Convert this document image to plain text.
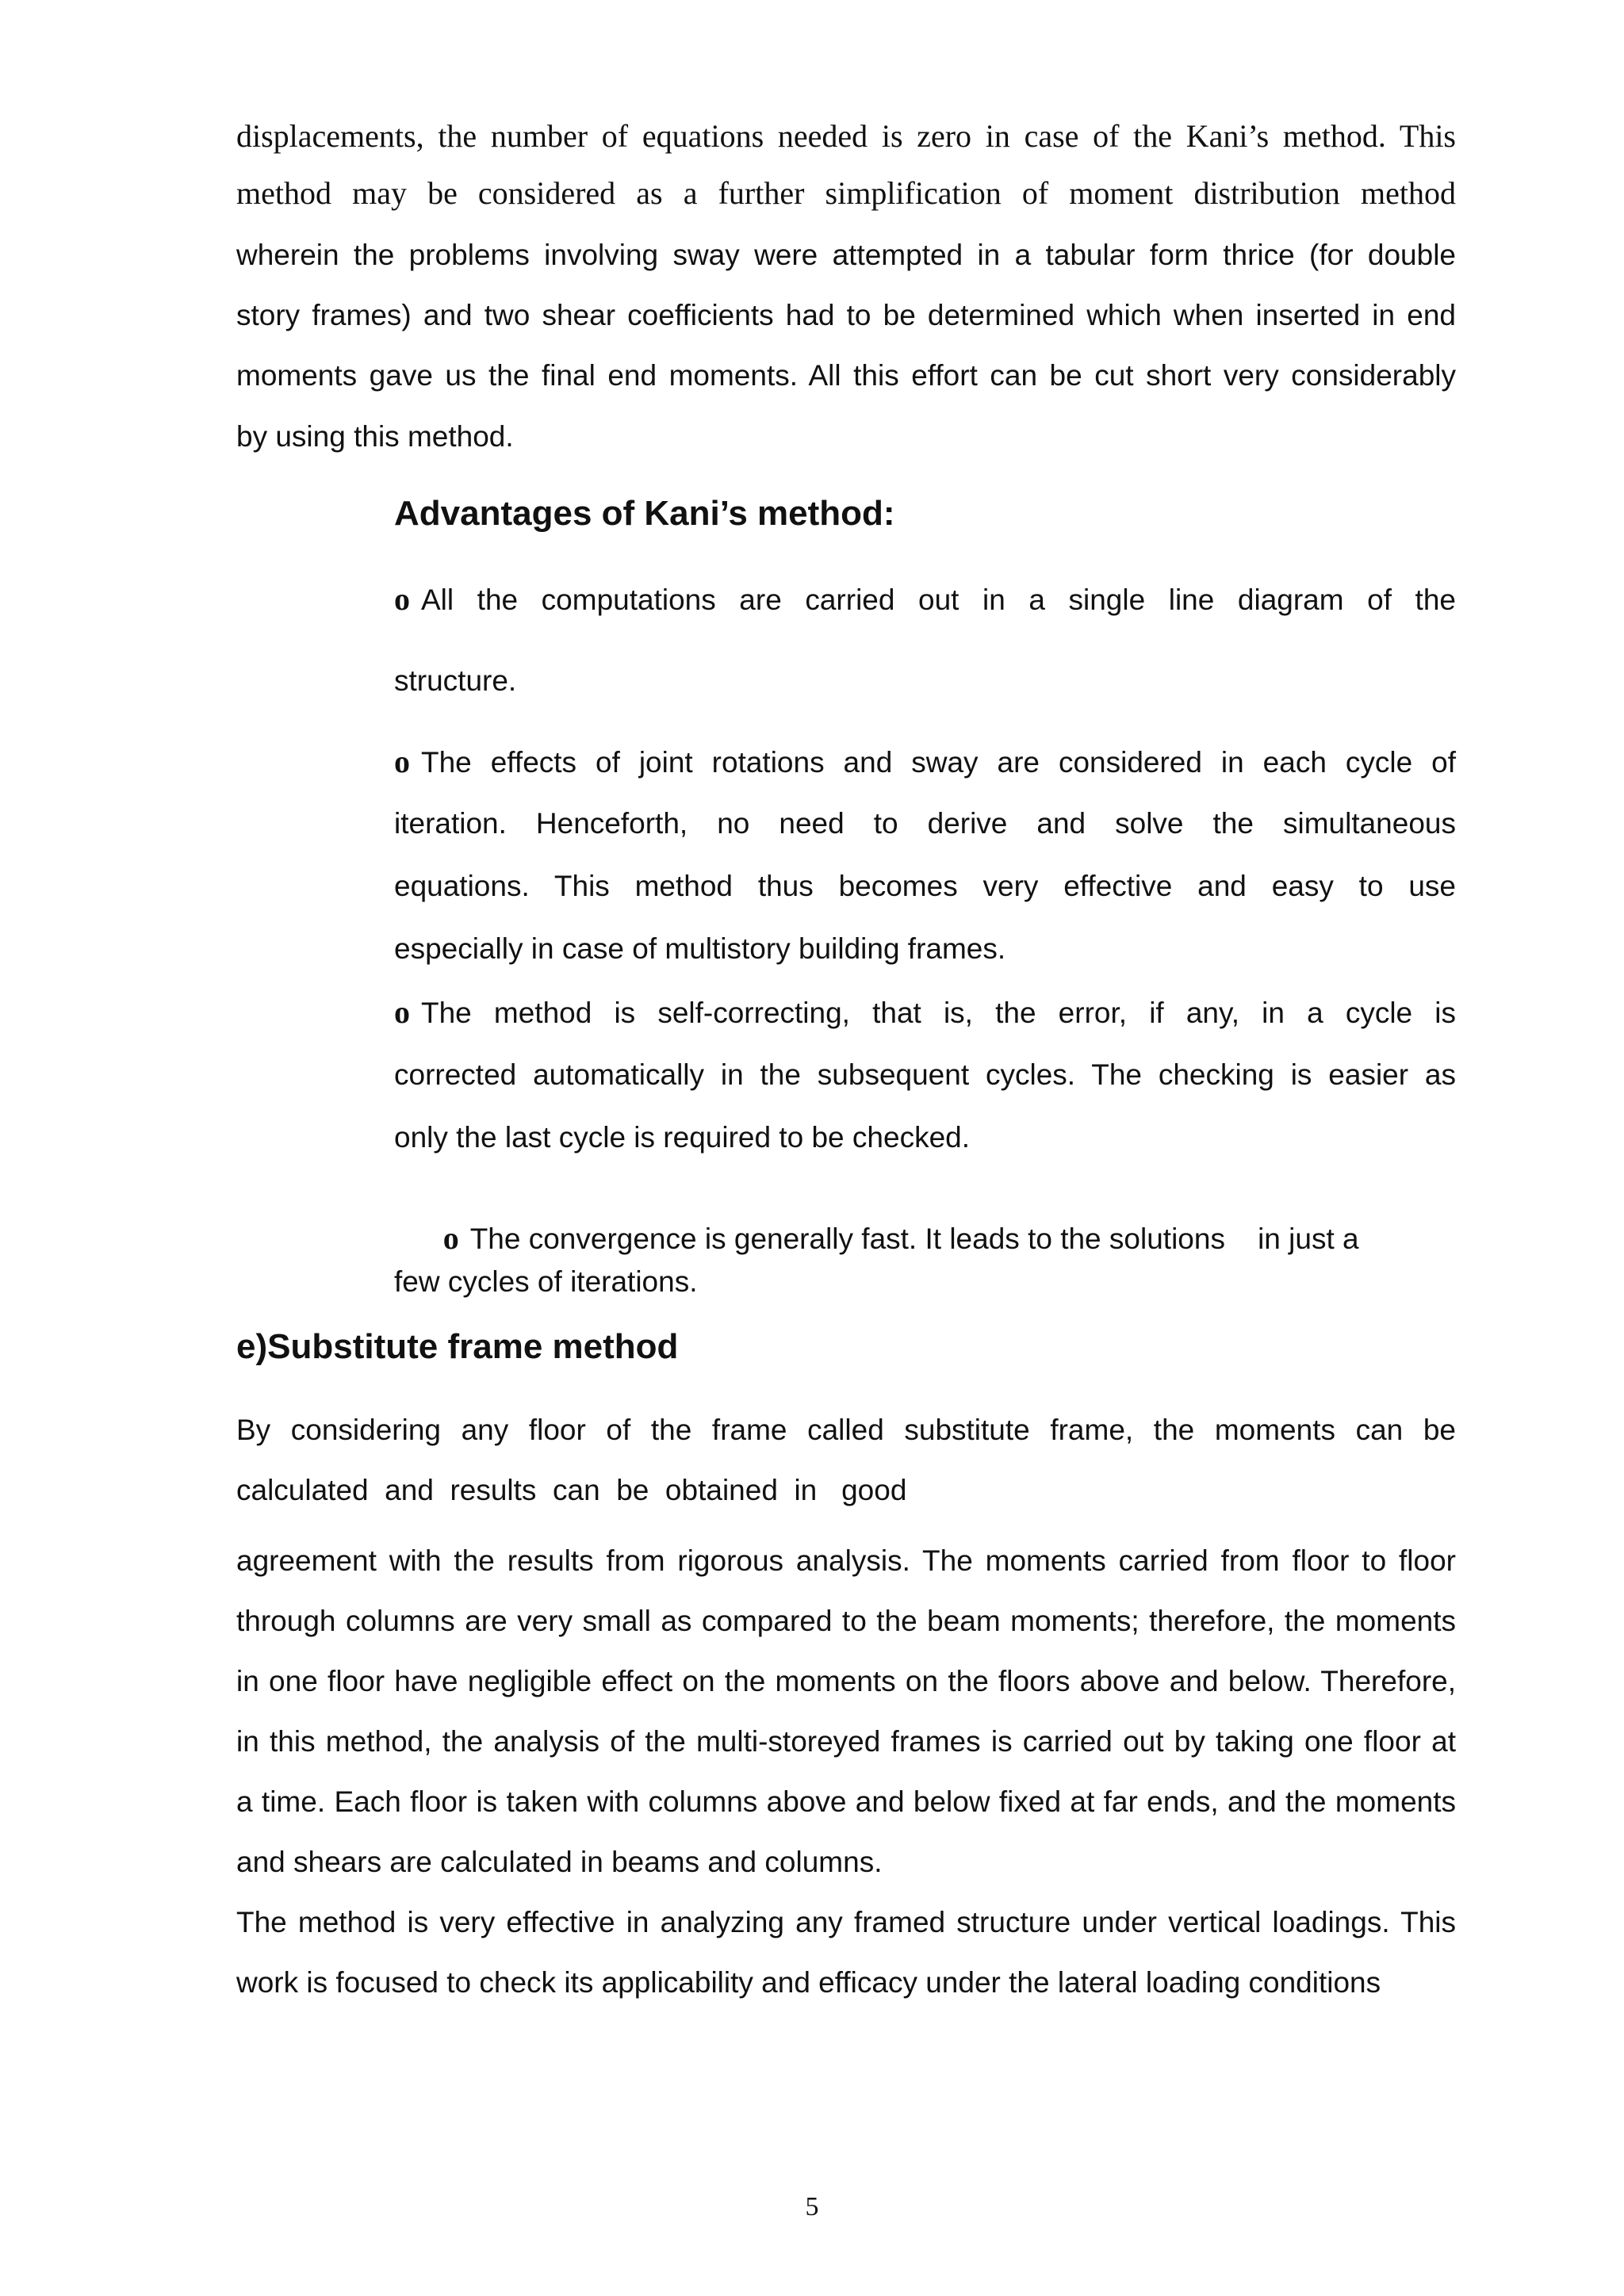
displacements, the number of equations needed is zero in case of the Kani’s method. This

method may be considered as a further simplification of moment distribution method

wherein the problems involving sway were attempted in a tabular form thrice (for double

story frames) and two shear coefficients had to be determined which when inserted in end

moments gave us the final end moments. All this effort can be cut short very considerably

by using this method.

Advantages of Kani’s method:

o All the computations are carried out in a single line diagram of the

structure.

o The effects of joint rotations and sway are considered in each cycle of

iteration. Henceforth, no need to derive and solve the simultaneous

equations. This method thus becomes very effective and easy to use

especially in case of multistory building frames.

o The method is self-correcting, that is, the error, if any, in a cycle is

corrected automatically in the subsequent cycles. The checking is easier as

only the last cycle is required to be checked.

o The convergence is generally fast. It leads to the solutions    in just a

few cycles of iterations.

e)Substitute frame method

By considering any floor of the frame called substitute frame, the moments can be

calculated  and  results  can  be  obtained  in   good

agreement with the results from rigorous analysis. The moments carried from floor to floor

through columns are very small as compared to the beam moments; therefore, the moments

in one floor have negligible effect on the moments on the floors above and below. Therefore,

in this method, the analysis of the multi-storeyed frames is carried out by taking one floor at

a time. Each floor is taken with columns above and below fixed at far ends, and the moments

and shears are calculated in beams and columns.

The method is very effective in analyzing any framed structure under vertical loadings. This

work is focused to check its applicability and efficacy under the lateral loading conditions

5
